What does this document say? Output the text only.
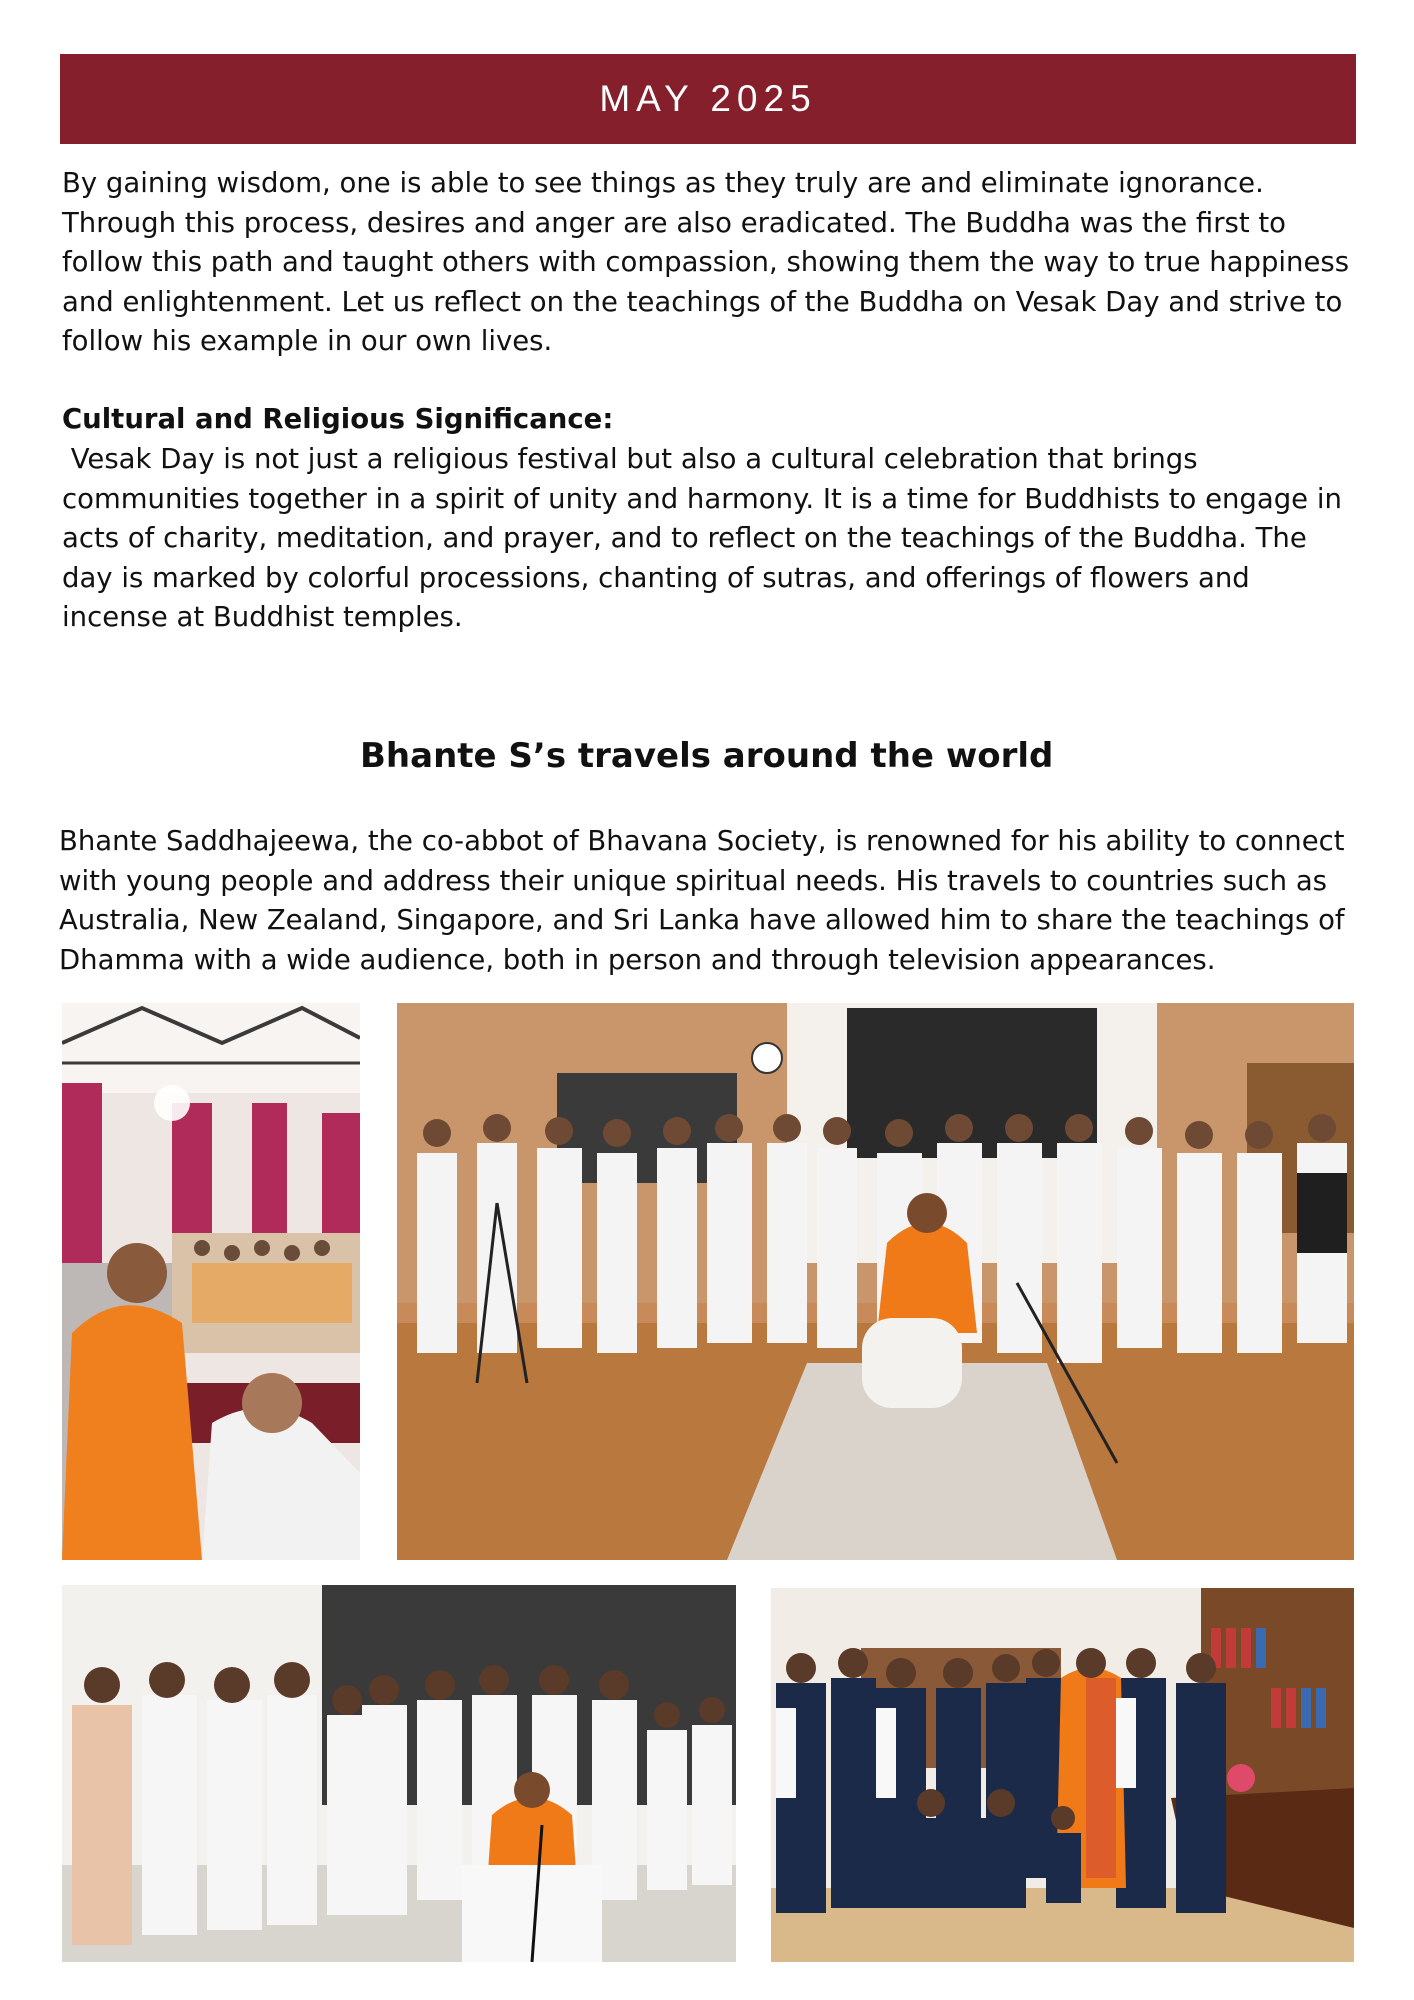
MAY 2025

By gaining wisdom, one is able to see things as they truly are and eliminate ignorance. Through this process, desires and anger are also eradicated. The Buddha was the first to follow this path and taught others with compassion, showing them the way to true happiness and enlightenment. Let us reflect on the teachings of the Buddha on Vesak Day and strive to follow his example in our own lives.

Cultural and Religious Significance:

Vesak Day is not just a religious festival but also a cultural celebration that brings communities together in a spirit of unity and harmony. It is a time for Buddhists to engage in acts of charity, meditation, and prayer, and to reflect on the teachings of the Buddha. The day is marked by colorful processions, chanting of sutras, and offerings of flowers and incense at Buddhist temples.

Bhante S’s travels around the world

Bhante Saddhajeewa, the co-abbot of Bhavana Society, is renowned for his ability to connect with young people and address their unique spiritual needs. His travels to countries such as Australia, New Zealand, Singapore, and Sri Lanka have allowed him to share the teachings of Dhamma with a wide audience, both in person and through television appearances.
